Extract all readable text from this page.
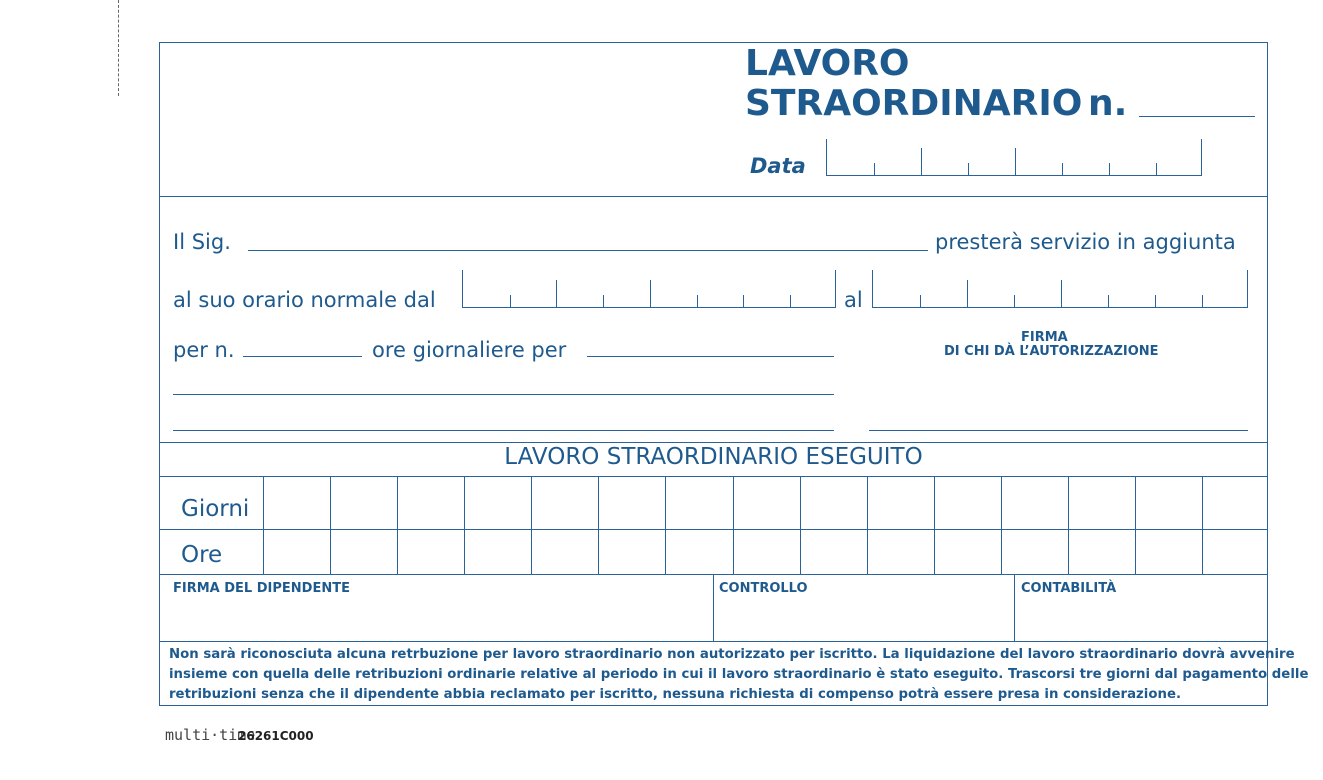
LAVORO
STRAORDINARIO n.
Data
Il Sig.	presterà servizio in aggiunta
al suo orario normale dal	al
per n.	ore giornaliere per
FIRMA
DI CHI DÀ L’AUTORIZZAZIONE
LAVORO STRAORDINARIO ESEGUITO
Giorni
Ore
FIRMA DEL DIPENDENTE	CONTROLLO	CONTABILITÀ
Non sarà riconosciuta alcuna retrbuzione per lavoro straordinario non autorizzato per iscritto. La liquidazione del lavoro straordinario dovrà avvenire
insieme con quella delle retribuzioni ordinarie relative al periodo in cui il lavoro straordinario è stato eseguito. Trascorsi tre giorni dal pagamento delle
retribuzioni senza che il dipendente abbia reclamato per iscritto, nessuna richiesta di compenso potrà essere presa in considerazione.
multi·time
26261C000
